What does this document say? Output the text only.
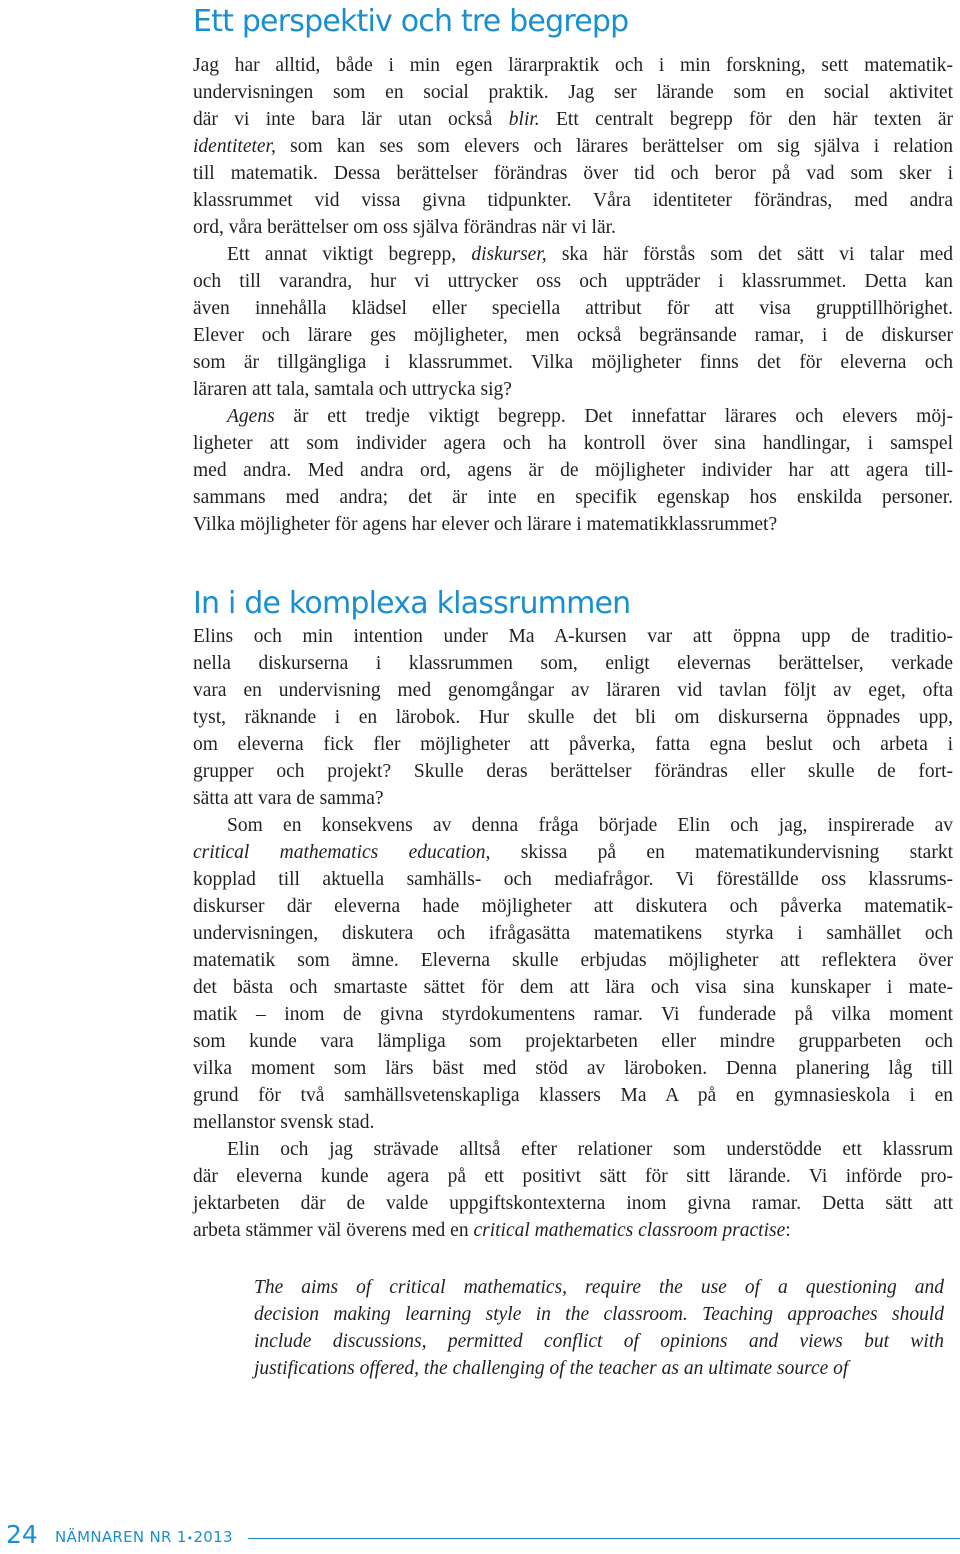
Ett perspektiv och tre begrepp
Jag har alltid, både i min egen lärarpraktik och i min forskning, sett matematik-
undervisningen som en social praktik. Jag ser lärande som en social aktivitet
där vi inte bara lär utan också blir. Ett centralt begrepp för den här texten är
identiteter, som kan ses som elevers och lärares berättelser om sig själva i relation
till matematik. Dessa berättelser förändras över tid och beror på vad som sker i
klassrummet vid vissa givna tidpunkter. Våra identiteter förändras, med andra
ord, våra berättelser om oss själva förändras när vi lär.
Ett annat viktigt begrepp, diskurser, ska här förstås som det sätt vi talar med
och till varandra, hur vi uttrycker oss och uppträder i klassrummet. Detta kan
även innehålla klädsel eller speciella attribut för att visa grupptillhörighet.
Elever och lärare ges möjligheter, men också begränsande ramar, i de diskurser
som är tillgängliga i klassrummet. Vilka möjligheter finns det för eleverna och
läraren att tala, samtala och uttrycka sig?
Agens är ett tredje viktigt begrepp. Det innefattar lärares och elevers möj-
ligheter att som individer agera och ha kontroll över sina handlingar, i samspel
med andra. Med andra ord, agens är de möjligheter individer har att agera till-
sammans med andra; det är inte en specifik egenskap hos enskilda personer.
Vilka möjligheter för agens har elever och lärare i matematikklassrummet?
In i de komplexa klassrummen
Elins och min intention under Ma A-kursen var att öppna upp de traditio-
nella diskurserna i klassrummen som, enligt elevernas berättelser, verkade
vara en undervisning med genomgångar av läraren vid tavlan följt av eget, ofta
tyst, räknande i en lärobok. Hur skulle det bli om diskurserna öppnades upp,
om eleverna fick fler möjligheter att påverka, fatta egna beslut och arbeta i
grupper och projekt? Skulle deras berättelser förändras eller skulle de fort-
sätta att vara de samma?
Som en konsekvens av denna fråga började Elin och jag, inspirerade av
critical mathematics education, skissa på en matematikundervisning starkt
kopplad till aktuella samhälls- och mediafrågor. Vi föreställde oss klassrums-
diskurser där eleverna hade möjligheter att diskutera och påverka matematik-
undervisningen, diskutera och ifrågasätta matematikens styrka i samhället och
matematik som ämne. Eleverna skulle erbjudas möjligheter att reflektera över
det bästa och smartaste sättet för dem att lära och visa sina kunskaper i mate-
matik – inom de givna styrdokumentens ramar. Vi funderade på vilka moment
som kunde vara lämpliga som projektarbeten eller mindre grupparbeten och
vilka moment som lärs bäst med stöd av läroboken. Denna planering låg till
grund för två samhällsvetenskapliga klassers Ma A på en gymnasieskola i en
mellanstor svensk stad.
Elin och jag strävade alltså efter relationer som understödde ett klassrum
där eleverna kunde agera på ett positivt sätt för sitt lärande. Vi införde pro-
jektarbeten där de valde uppgiftskontexterna inom givna ramar. Detta sätt att
arbeta stämmer väl överens med en critical mathematics classroom practise:
The aims of critical mathematics, require the use of a questioning and
decision making learning style in the classroom. Teaching approaches should
include discussions, permitted conflict of opinions and views but with
justifications offered, the challenging of the teacher as an ultimate source of
24 NÄMNAREN NR 1•2013
